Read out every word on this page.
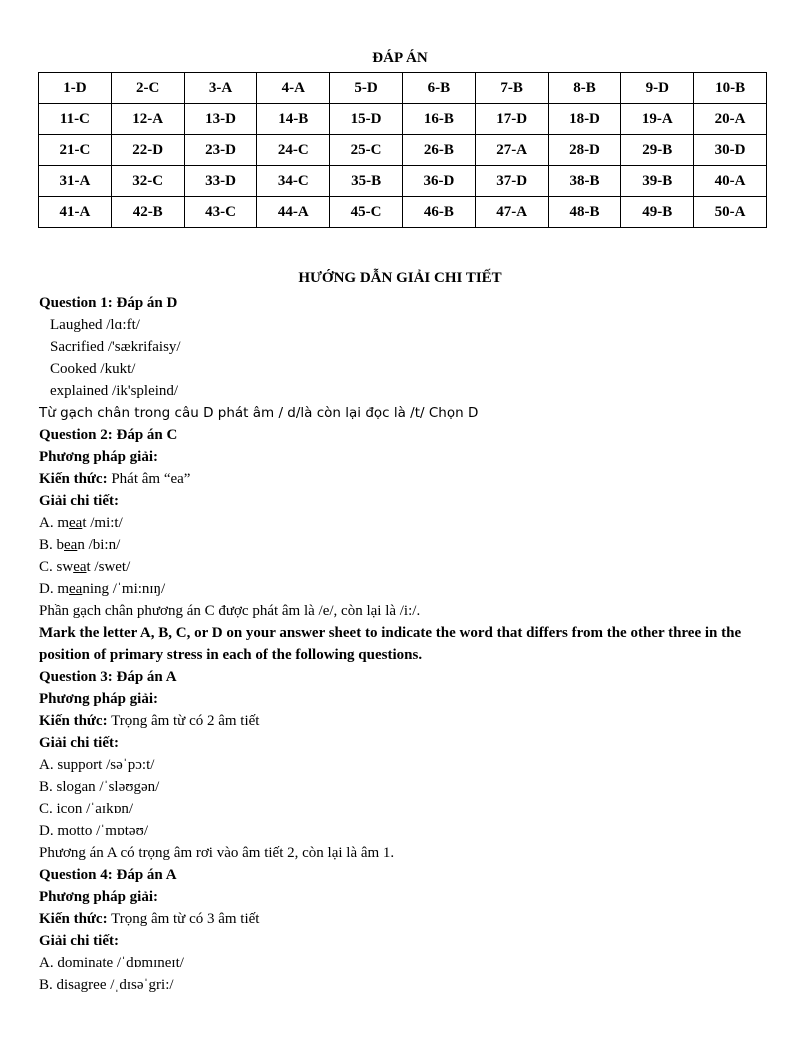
ĐÁP ÁN
1-D	2-C	3-A	4-A	5-D	6-B	7-B	8-B	9-D	10-B
11-C	12-A	13-D	14-B	15-D	16-B	17-D	18-D	19-A	20-A
21-C	22-D	23-D	24-C	25-C	26-B	27-A	28-D	29-B	30-D
31-A	32-C	33-D	34-C	35-B	36-D	37-D	38-B	39-B	40-A
41-A	42-B	43-C	44-A	45-C	46-B	47-A	48-B	49-B	50-A
HƯỚNG DẪN GIẢI CHI TIẾT
Question 1: Đáp án D
Laughed /lɑ:ft/
Sacrified /'sækrifaisy/
Cooked /kukt/
explained /ik'spleind/
Từ gạch chân trong câu D phát âm / d/là còn lại đọc là /t/ Chọn D
Question 2: Đáp án C
Phương pháp giải:
Kiến thức: Phát âm “ea”
Giải chi tiết:
A. meat /mi:t/
B. bean /bi:n/
C. sweat /swet/
D. meaning /ˈmi:nɪŋ/
Phần gạch chân phương án C được phát âm là /e/, còn lại là /i:/.
Mark the letter A, B, C, or D on your answer sheet to indicate the word that differs from the other three in the position of primary stress in each of the following questions.
Question 3: Đáp án A
Phương pháp giải:
Kiến thức: Trọng âm từ có 2 âm tiết
Giải chi tiết:
A. support /səˈpɔ:t/
B. slogan /ˈsləʊgən/
C. icon /ˈaɪkɒn/
D. motto /ˈmɒtəʊ/
Phương án A có trọng âm rơi vào âm tiết 2, còn lại là âm 1.
Question 4: Đáp án A
Phương pháp giải:
Kiến thức: Trọng âm từ có 3 âm tiết
Giải chi tiết:
A. dominate /ˈdɒmɪneɪt/
B. disagree /ˌdɪsəˈgri:/
